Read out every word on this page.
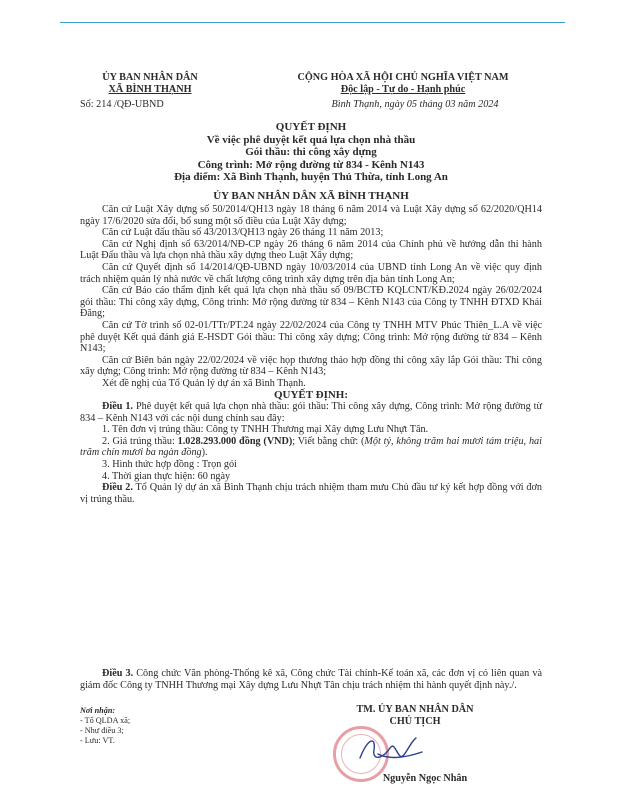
ỦY BAN NHÂN DÂN
XÃ BÌNH THẠNH
Số: 214 /QĐ-UBND
CỘNG HÒA XÃ HỘI CHỦ NGHĨA VIỆT NAM
Độc lập - Tự do - Hạnh phúc
Bình Thạnh, ngày 05 tháng 03 năm 2024
QUYẾT ĐỊNH
Về việc phê duyệt kết quả lựa chọn nhà thầu
Gói thầu: thi công xây dựng
Công trình: Mở rộng đường từ 834 - Kênh N143
Địa điểm: Xã Bình Thạnh, huyện Thủ Thừa, tỉnh Long An
ỦY BAN NHÂN DÂN XÃ BÌNH THẠNH

Căn cứ Luật Xây dựng số 50/2014/QH13 ngày 18 tháng 6 năm 2014 và Luật Xây dựng số 62/2020/QH14 ngày 17/6/2020 sửa đổi, bổ sung một số điều của Luật Xây dựng;

Căn cứ Luật đấu thầu số 43/2013/QH13 ngày 26 tháng 11 năm 2013;

Căn cứ Nghị định số 63/2014/NĐ-CP ngày 26 tháng 6 năm 2014 của Chính phủ về hướng dẫn thi hành Luật Đấu thầu và lựa chọn nhà thầu xây dựng theo Luật Xây dựng;

Căn cứ Quyết định số 14/2014/QĐ-UBND ngày 10/03/2014 của UBND tỉnh Long An về việc quy định trách nhiệm quản lý nhà nước về chất lượng công trình xây dựng trên địa bàn tỉnh Long An;

Căn cứ Báo cáo thẩm định kết quả lựa chọn nhà thầu số 09/BCTĐ KQLCNT/KĐ.2024 ngày 26/02/2024 gói thầu: Thi công xây dựng, Công trình: Mở rộng đường từ 834 – Kênh N143 của Công ty TNHH ĐTXD Khải Đăng;

Căn cứ Tờ trình số 02-01/TTr/PT.24 ngày 22/02/2024 của Công ty TNHH MTV Phúc Thiên_L.A về việc phê duyệt Kết quả đánh giá E-HSDT Gói thầu: Thi công xây dựng; Công trình: Mở rộng đường từ 834 – Kênh N143;

Căn cứ Biên bản ngày 22/02/2024 về việc họp thương thảo hợp đồng thi công xây lắp Gói thầu: Thi công xây dựng; Công trình: Mở rộng đường từ 834 – Kênh N143;

Xét đề nghị của Tổ Quản lý dự án xã Bình Thạnh.

QUYẾT ĐỊNH:

Điều 1. Phê duyệt kết quả lựa chọn nhà thầu: gói thầu: Thi công xây dựng, Công trình: Mở rộng đường từ 834 – Kênh N143 với các nội dung chính sau đây:

1. Tên đơn vị trúng thầu: Công ty TNHH Thương mại Xây dựng Lưu Nhựt Tân.

2. Giá trúng thầu: 1.028.293.000 đồng (VND); Viết bằng chữ: (Một tỷ, không trăm hai mươi tám triệu, hai trăm chín mươi ba ngàn đồng).

3. Hình thức hợp đồng : Trọn gói

4. Thời gian thực hiện: 60 ngày

Điều 2. Tổ Quản lý dự án xã Bình Thạnh chịu trách nhiệm tham mưu Chủ đầu tư ký kết hợp đồng với đơn vị trúng thầu.

Điều 3. Công chức Văn phòng-Thống kê xã, Công chức Tài chính-Kế toán xã, các đơn vị có liên quan và giám đốc Công ty TNHH Thương mại Xây dựng Lưu Nhựt Tân chịu trách nhiệm thi hành quyết định này./.

Nơi nhận:
- Tổ QLDA xã;
- Như điều 3;
- Lưu: VT.
TM. ỦY BAN NHÂN DÂN
CHỦ TỊCH
Nguyễn Ngọc Nhân
